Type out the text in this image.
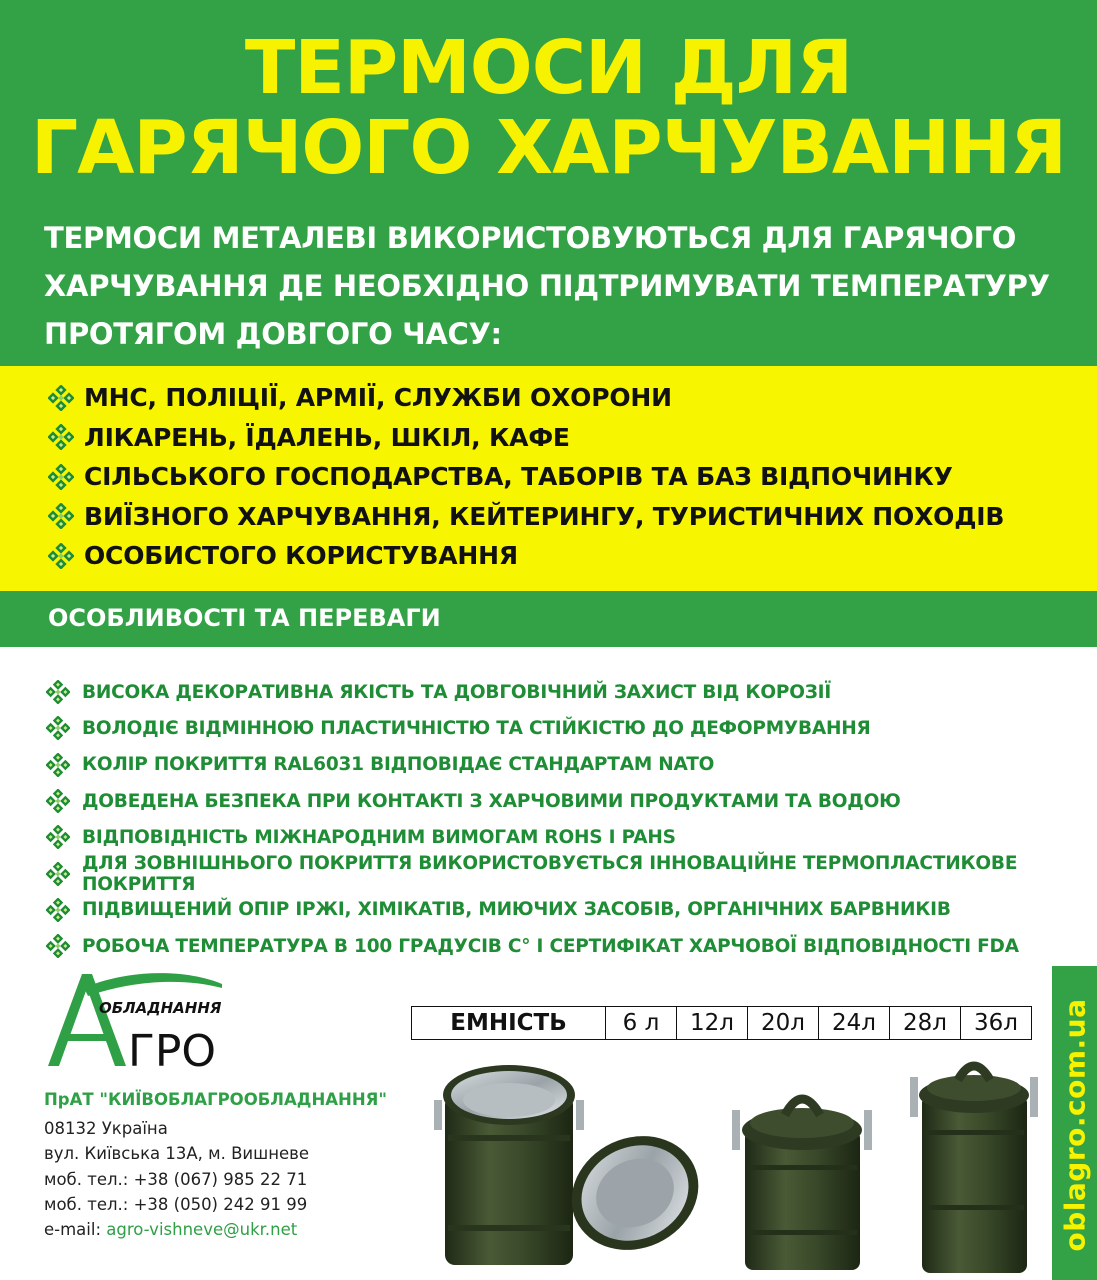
ТЕРМОСИ ДЛЯ
ГАРЯЧОГО ХАРЧУВАННЯ
ТЕРМОСИ МЕТАЛЕВІ ВИКОРИСТОВУЮТЬСЯ ДЛЯ ГАРЯЧОГО
ХАРЧУВАННЯ ДЕ НЕОБХІДНО ПІДТРИМУВАТИ ТЕМПЕРАТУРУ
ПРОТЯГОМ ДОВГОГО ЧАСУ:
МНС, ПОЛІЦІЇ, АРМІЇ, СЛУЖБИ ОХОРОНИ
ЛІКАРЕНЬ, ЇДАЛЕНЬ, ШКІЛ, КАФЕ
СІЛЬСЬКОГО ГОСПОДАРСТВА, ТАБОРІВ ТА БАЗ ВІДПОЧИНКУ
ВИЇЗНОГО ХАРЧУВАННЯ, КЕЙТЕРИНГУ, ТУРИСТИЧНИХ ПОХОДІВ
ОСОБИСТОГО КОРИСТУВАННЯ
ОСОБЛИВОСТІ ТА ПЕРЕВАГИ
ВИСОКА ДЕКОРАТИВНА ЯКІСТЬ ТА ДОВГОВІЧНИЙ ЗАХИСТ ВІД КОРОЗІЇ
ВОЛОДІЄ ВІДМІННОЮ ПЛАСТИЧНІСТЮ ТА СТІЙКІСТЮ ДО ДЕФОРМУВАННЯ
КОЛІР ПОКРИТТЯ RAL6031 ВІДПОВІДАЄ СТАНДАРТАМ NATO
ДОВЕДЕНА БЕЗПЕКА ПРИ КОНТАКТІ З ХАРЧОВИМИ ПРОДУКТАМИ ТА ВОДОЮ
ВІДПОВІДНІСТЬ МІЖНАРОДНИМ ВИМОГАМ ROHS І PAHS
ДЛЯ ЗОВНІШНЬОГО ПОКРИТТЯ ВИКОРИСТОВУЄТЬСЯ ІННОВАЦІЙНЕ ТЕРМОПЛАСТИКОВЕ ПОКРИТТЯ
ПІДВИЩЕНИЙ ОПІР ІРЖІ, ХІМІКАТІВ, МИЮЧИХ ЗАСОБІВ, ОРГАНІЧНИХ БАРВНИКІВ
РОБОЧА ТЕМПЕРАТУРА В 100 ГРАДУСІВ С° І СЕРТИФІКАТ ХАРЧОВОЇ ВІДПОВІДНОСТІ FDA
ОБЛАДНАННЯ
ГРО
ПрАТ "КИЇВОБЛАГРООБЛАДНАННЯ"
08132 Україна
вул. Київська 13А, м. Вишневе
моб. тел.: +38 (067) 985 22 71
моб. тел.: +38 (050) 242 91 99
e-mail: agro-vishneve@ukr.net
ЕМНІСТЬ	6 л	12л	20л	24л	28л	36л oblagro.com.ua
